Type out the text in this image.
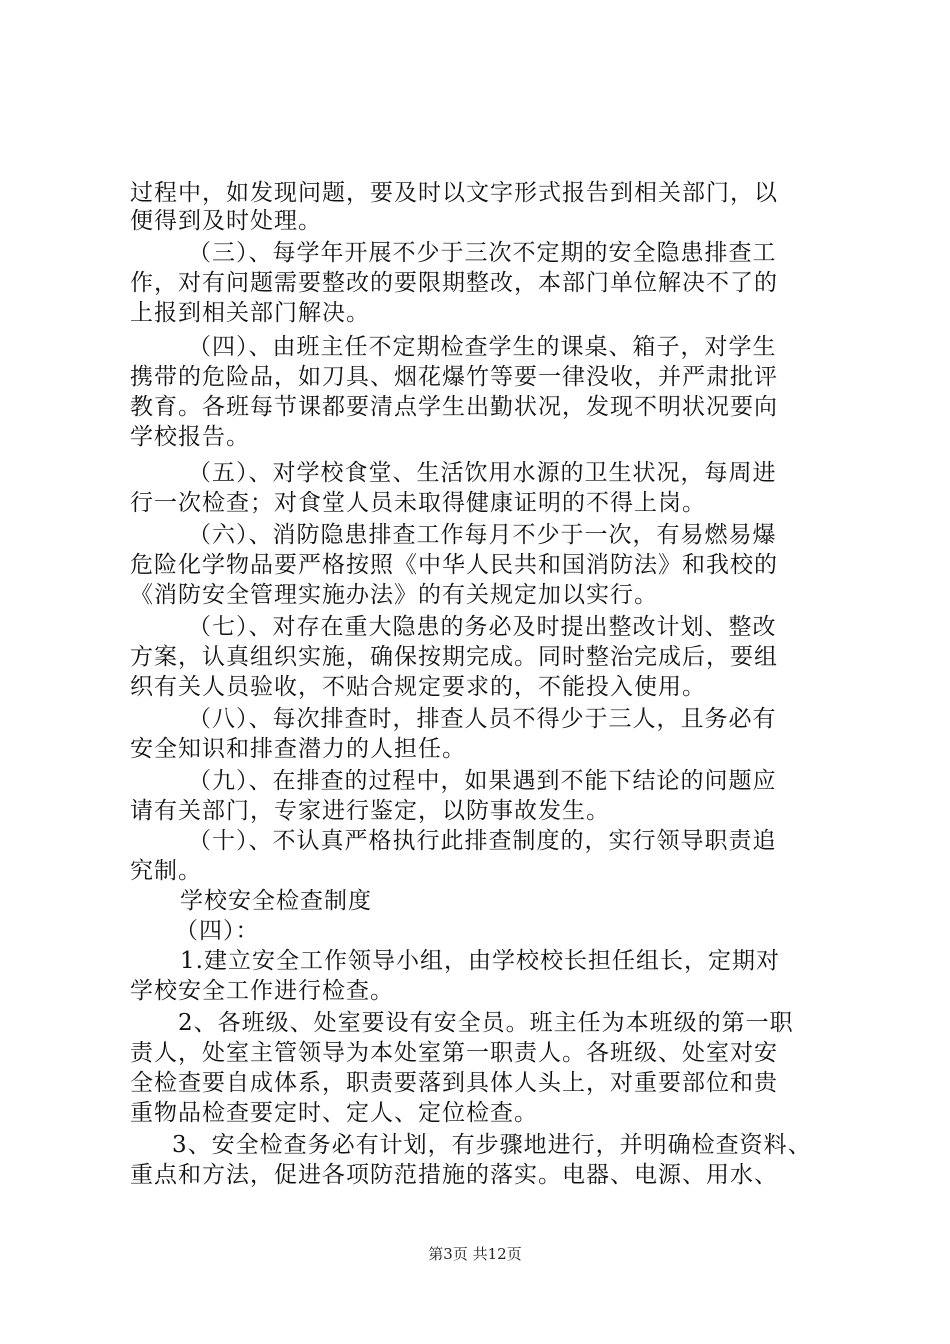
过程中，如发现问题，要及时以文字形式报告到相关部门，以
便得到及时处理。
（三）、每学年开展不少于三次不定期的安全隐患排查工
作，对有问题需要整改的要限期整改，本部门单位解决不了的
上报到相关部门解决。
（四）、由班主任不定期检查学生的课桌、箱子，对学生
携带的危险品，如刀具、烟花爆竹等要一律没收，并严肃批评
教育。各班每节课都要清点学生出勤状况，发现不明状况要向
学校报告。
（五）、对学校食堂、生活饮用水源的卫生状况，每周进
行一次检查；对食堂人员未取得健康证明的不得上岗。
（六）、消防隐患排查工作每月不少于一次，有易燃易爆
危险化学物品要严格按照《中华人民共和国消防法》和我校的
《消防安全管理实施办法》的有关规定加以实行。
（七）、对存在重大隐患的务必及时提出整改计划、整改
方案，认真组织实施，确保按期完成。同时整治完成后，要组
织有关人员验收，不贴合规定要求的，不能投入使用。
（八）、每次排查时，排查人员不得少于三人，且务必有
安全知识和排查潜力的人担任。
（九）、在排查的过程中，如果遇到不能下结论的问题应
请有关部门，专家进行鉴定，以防事故发生。
（十）、不认真严格执行此排查制度的，实行领导职责追
究制。
学校安全检查制度
（四）：
1.建立安全工作领导小组，由学校校长担任组长，定期对
学校安全工作进行检查。
2、各班级、处室要设有安全员。班主任为本班级的第一职
责人，处室主管领导为本处室第一职责人。各班级、处室对安
全检查要自成体系，职责要落到具体人头上，对重要部位和贵
重物品检查要定时、定人、定位检查。
3、安全检查务必有计划，有步骤地进行，并明确检查资料、
重点和方法，促进各项防范措施的落实。电器、电源、用水、
第3页 共12页
